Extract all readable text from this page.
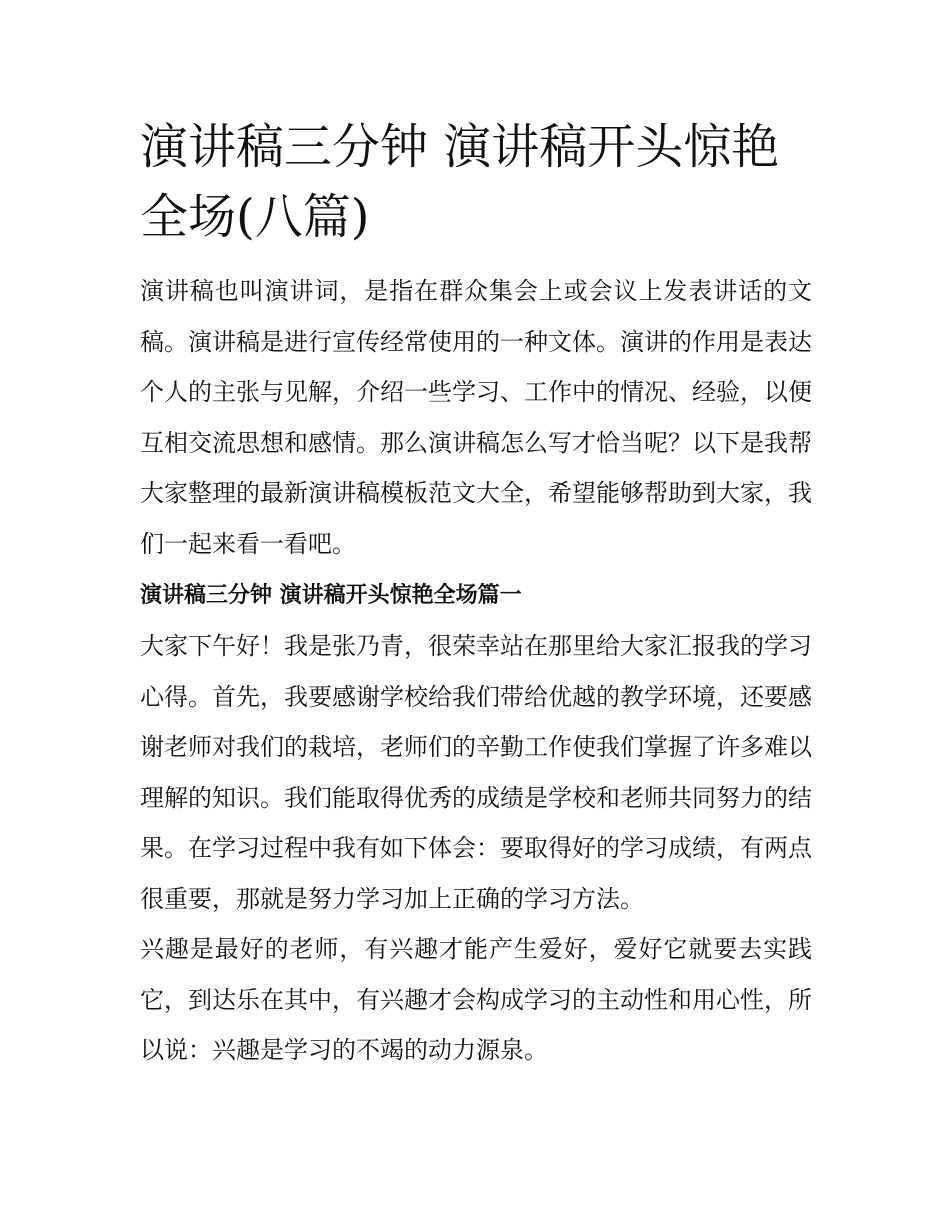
演讲稿三分钟 演讲稿开头惊艳全场(八篇)

演讲稿也叫演讲词，是指在群众集会上或会议上发表讲话的文稿。演讲稿是进行宣传经常使用的一种文体。演讲的作用是表达个人的主张与见解，介绍一些学习、工作中的情况、经验，以便互相交流思想和感情。那么演讲稿怎么写才恰当呢？以下是我帮大家整理的最新演讲稿模板范文大全，希望能够帮助到大家，我们一起来看一看吧。

演讲稿三分钟 演讲稿开头惊艳全场篇一

大家下午好！我是张乃青，很荣幸站在那里给大家汇报我的学习心得。首先，我要感谢学校给我们带给优越的教学环境，还要感谢老师对我们的栽培，老师们的辛勤工作使我们掌握了许多难以理解的知识。我们能取得优秀的成绩是学校和老师共同努力的结果。在学习过程中我有如下体会：要取得好的学习成绩，有两点很重要，那就是努力学习加上正确的学习方法。

兴趣是最好的老师，有兴趣才能产生爱好，爱好它就要去实践它，到达乐在其中，有兴趣才会构成学习的主动性和用心性，所以说：兴趣是学习的不竭的动力源泉。
